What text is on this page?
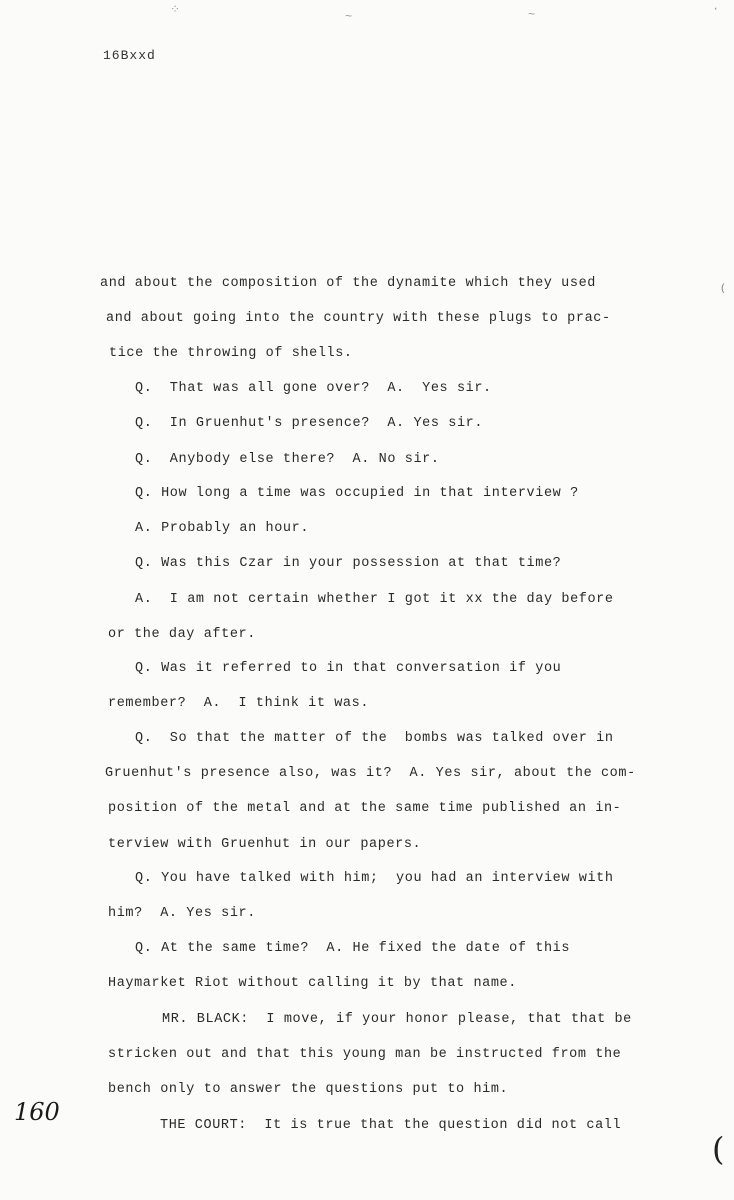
⁘	~	~	·
16Bxxd
and about the composition of the dynamite which they used
and about going into the country with these plugs to prac-
tice the throwing of shells.
Q.  That was all gone over?  A.  Yes sir.
Q.  In Gruenhut's presence?  A. Yes sir.
Q.  Anybody else there?  A. No sir.
Q. How long a time was occupied in that interview ?
A. Probably an hour.
Q. Was this Czar in your possession at that time?
A.  I am not certain whether I got it xx the day before
or the day after.
Q. Was it referred to in that conversation if you
remember?  A.  I think it was.
Q.  So that the matter of the  bombs was talked over in
Gruenhut's presence also, was it?  A. Yes sir, about the com-
position of the metal and at the same time published an in-
terview with Gruenhut in our papers.
Q. You have talked with him;  you had an interview with
him?  A. Yes sir.
Q. At the same time?  A. He fixed the date of this
Haymarket Riot without calling it by that name.
MR. BLACK:  I move, if your honor please, that that be
stricken out and that this young man be instructed from the
bench only to answer the questions put to him.
THE COURT:  It is true that the question did not call
160
(
(
